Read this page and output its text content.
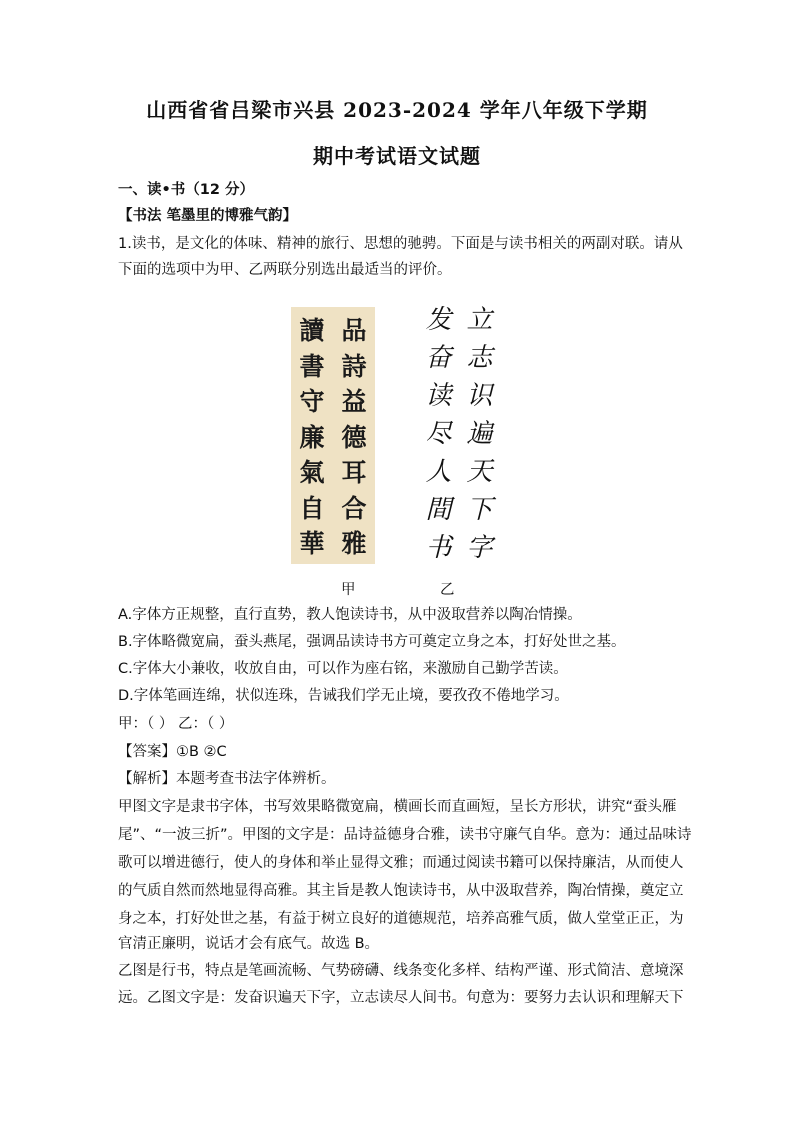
山西省省吕梁市兴县 2023-2024 学年八年级下学期
期中考试语文试题
一、读•书（12 分）
【书法 笔墨里的博雅气韵】
1.读书，是文化的体味、精神的旅行、思想的驰骋。下面是与读书相关的两副对联。请从
下面的选项中为甲、乙两联分别选出最适当的评价。
品
詩
益
德
耳
合
雅
讀
書
守
廉
氣
自
華
立
志
识
遍
天
下
字
发
奋
读
尽
人
間
书
甲	乙
A.字体方正规整，直行直势，教人饱读诗书，从中汲取营养以陶冶情操。
B.字体略微宽扁，蚕头燕尾，强调品读诗书方可奠定立身之本，打好处世之基。
C.字体大小兼收，收放自由，可以作为座右铭，来激励自己勤学苦读。
D.字体笔画连绵，状似连珠，告诫我们学无止境，要孜孜不倦地学习。
甲：（ ） 乙：（ ）
【答案】①B ②C
【解析】本题考查书法字体辨析。
甲图文字是隶书字体，书写效果略微宽扁，横画长而直画短，呈长方形状，讲究“蚕头雁
尾”、“一波三折”。甲图的文字是：品诗益德身合雅，读书守廉气自华。意为：通过品味诗
歌可以增进德行，使人的身体和举止显得文雅；而通过阅读书籍可以保持廉洁，从而使人
的气质自然而然地显得高雅。其主旨是教人饱读诗书，从中汲取营养，陶冶情操，奠定立
身之本，打好处世之基，有益于树立良好的道德规范，培养高雅气质，做人堂堂正正，为
官清正廉明，说话才会有底气。故选 B。
乙图是行书，特点是笔画流畅、气势磅礴、线条变化多样、结构严谨、形式简洁、意境深
远。乙图文字是：发奋识遍天下字，立志读尽人间书。句意为：要努力去认识和理解天下
